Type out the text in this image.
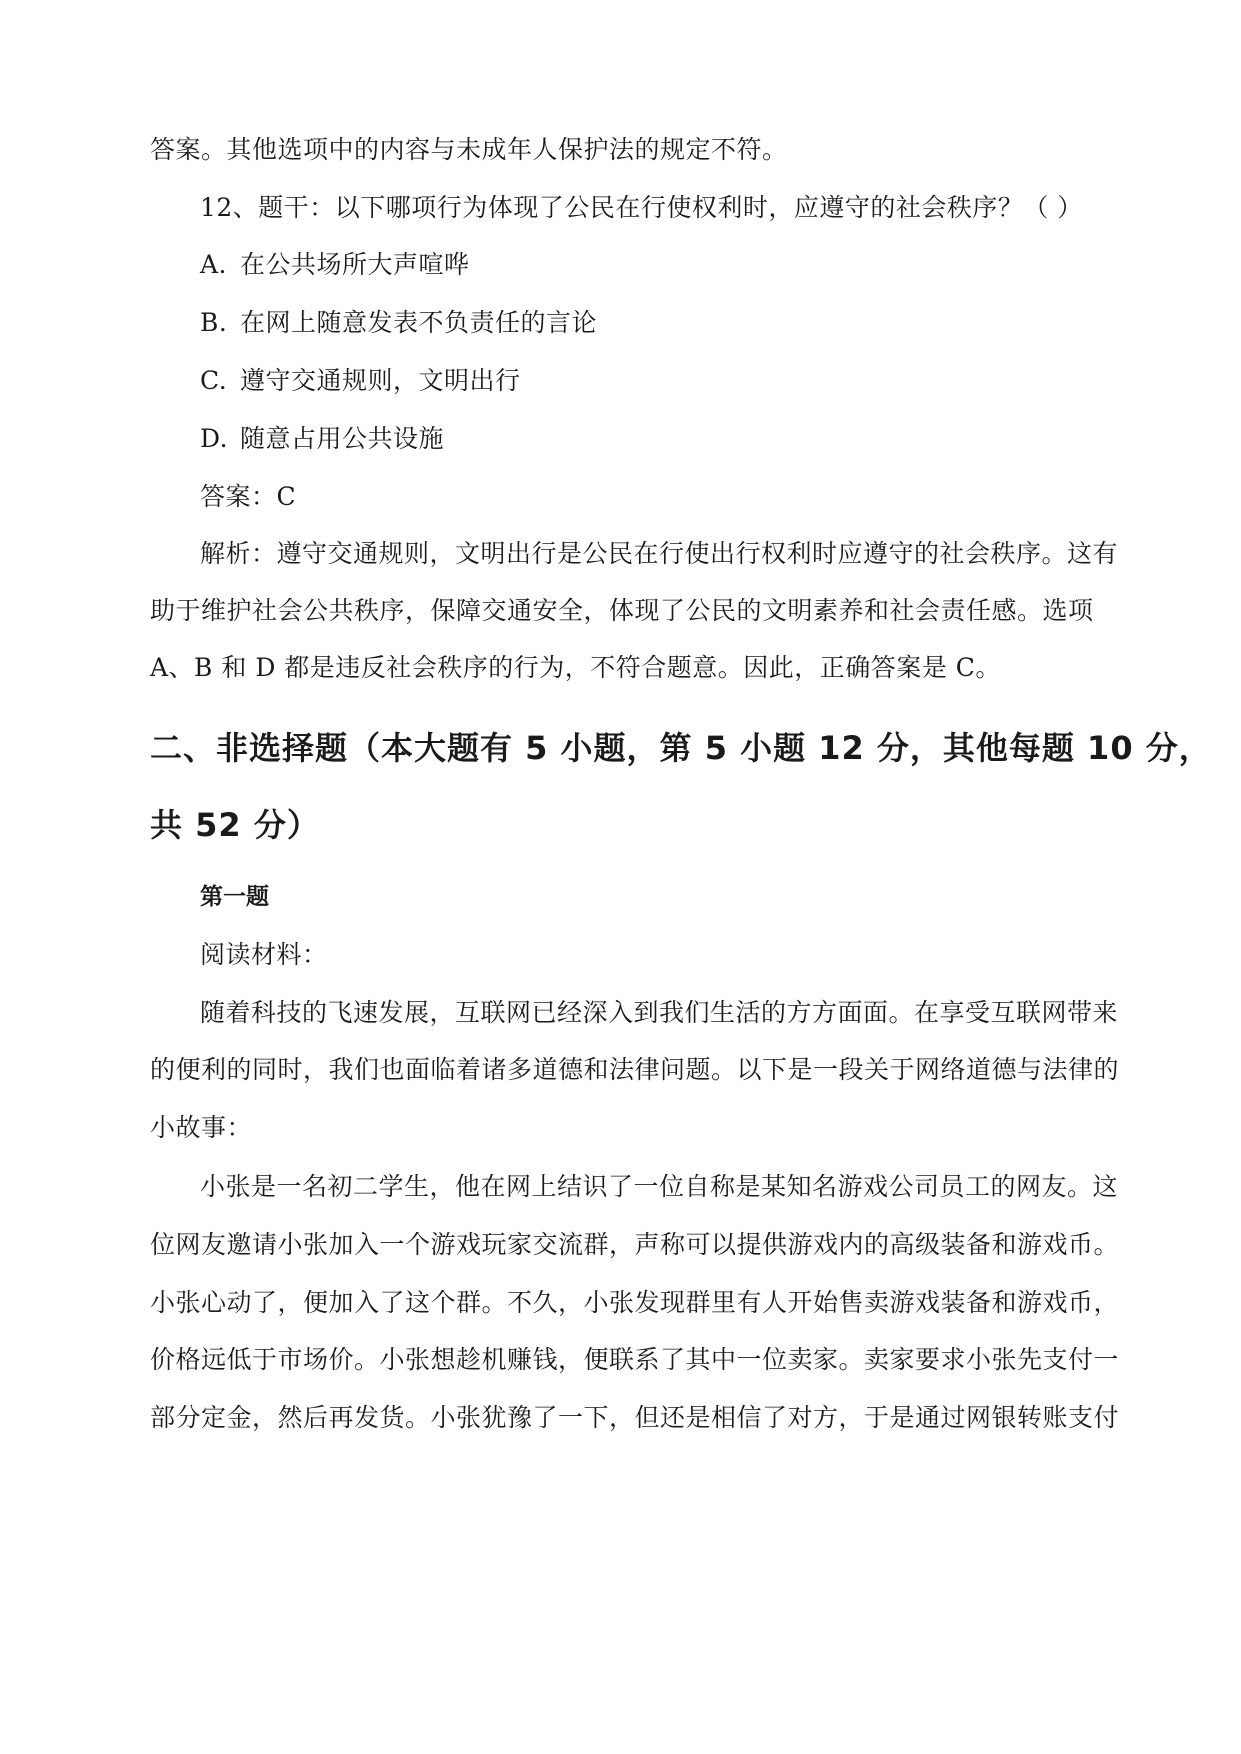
答案。其他选项中的内容与未成年人保护法的规定不符。
12、题干：以下哪项行为体现了公民在行使权利时，应遵守的社会秩序？（ ）
A. 在公共场所大声喧哗
B. 在网上随意发表不负责任的言论
C. 遵守交通规则，文明出行
D. 随意占用公共设施
答案：C
解析：遵守交通规则，文明出行是公民在行使出行权利时应遵守的社会秩序。这有
助于维护社会公共秩序，保障交通安全，体现了公民的文明素养和社会责任感。选项
A、B 和 D 都是违反社会秩序的行为，不符合题意。因此，正确答案是 C。
二、非选择题（本大题有 5 小题，第 5 小题 12 分，其他每题 10 分，
共 52 分）
第一题
阅读材料：
随着科技的飞速发展，互联网已经深入到我们生活的方方面面。在享受互联网带来
的便利的同时，我们也面临着诸多道德和法律问题。以下是一段关于网络道德与法律的
小故事：
小张是一名初二学生，他在网上结识了一位自称是某知名游戏公司员工的网友。这
位网友邀请小张加入一个游戏玩家交流群，声称可以提供游戏内的高级装备和游戏币。
小张心动了，便加入了这个群。不久，小张发现群里有人开始售卖游戏装备和游戏币，
价格远低于市场价。小张想趁机赚钱，便联系了其中一位卖家。卖家要求小张先支付一
部分定金，然后再发货。小张犹豫了一下，但还是相信了对方，于是通过网银转账支付
